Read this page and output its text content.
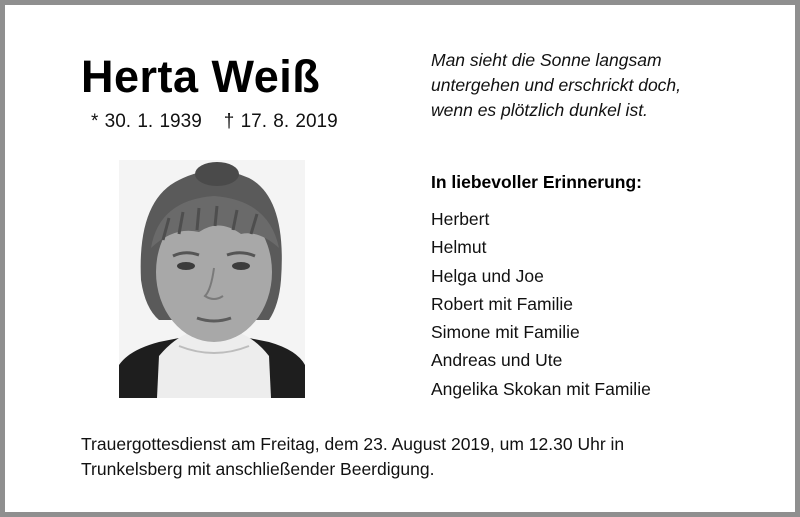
Herta Weiß
* 30. 1. 1939 † 17. 8. 2019
Man sieht die Sonne langsam
untergehen und erschrickt doch,
wenn es plötzlich dunkel ist.
In liebevoller Erinnerung:
Herbert
Helmut
Helga und Joe
Robert mit Familie
Simone mit Familie
Andreas und Ute
Angelika Skokan mit Familie
Trauergottesdienst am Freitag, dem 23. August 2019, um 12.30 Uhr in
Trunkelsberg mit anschließender Beerdigung.
